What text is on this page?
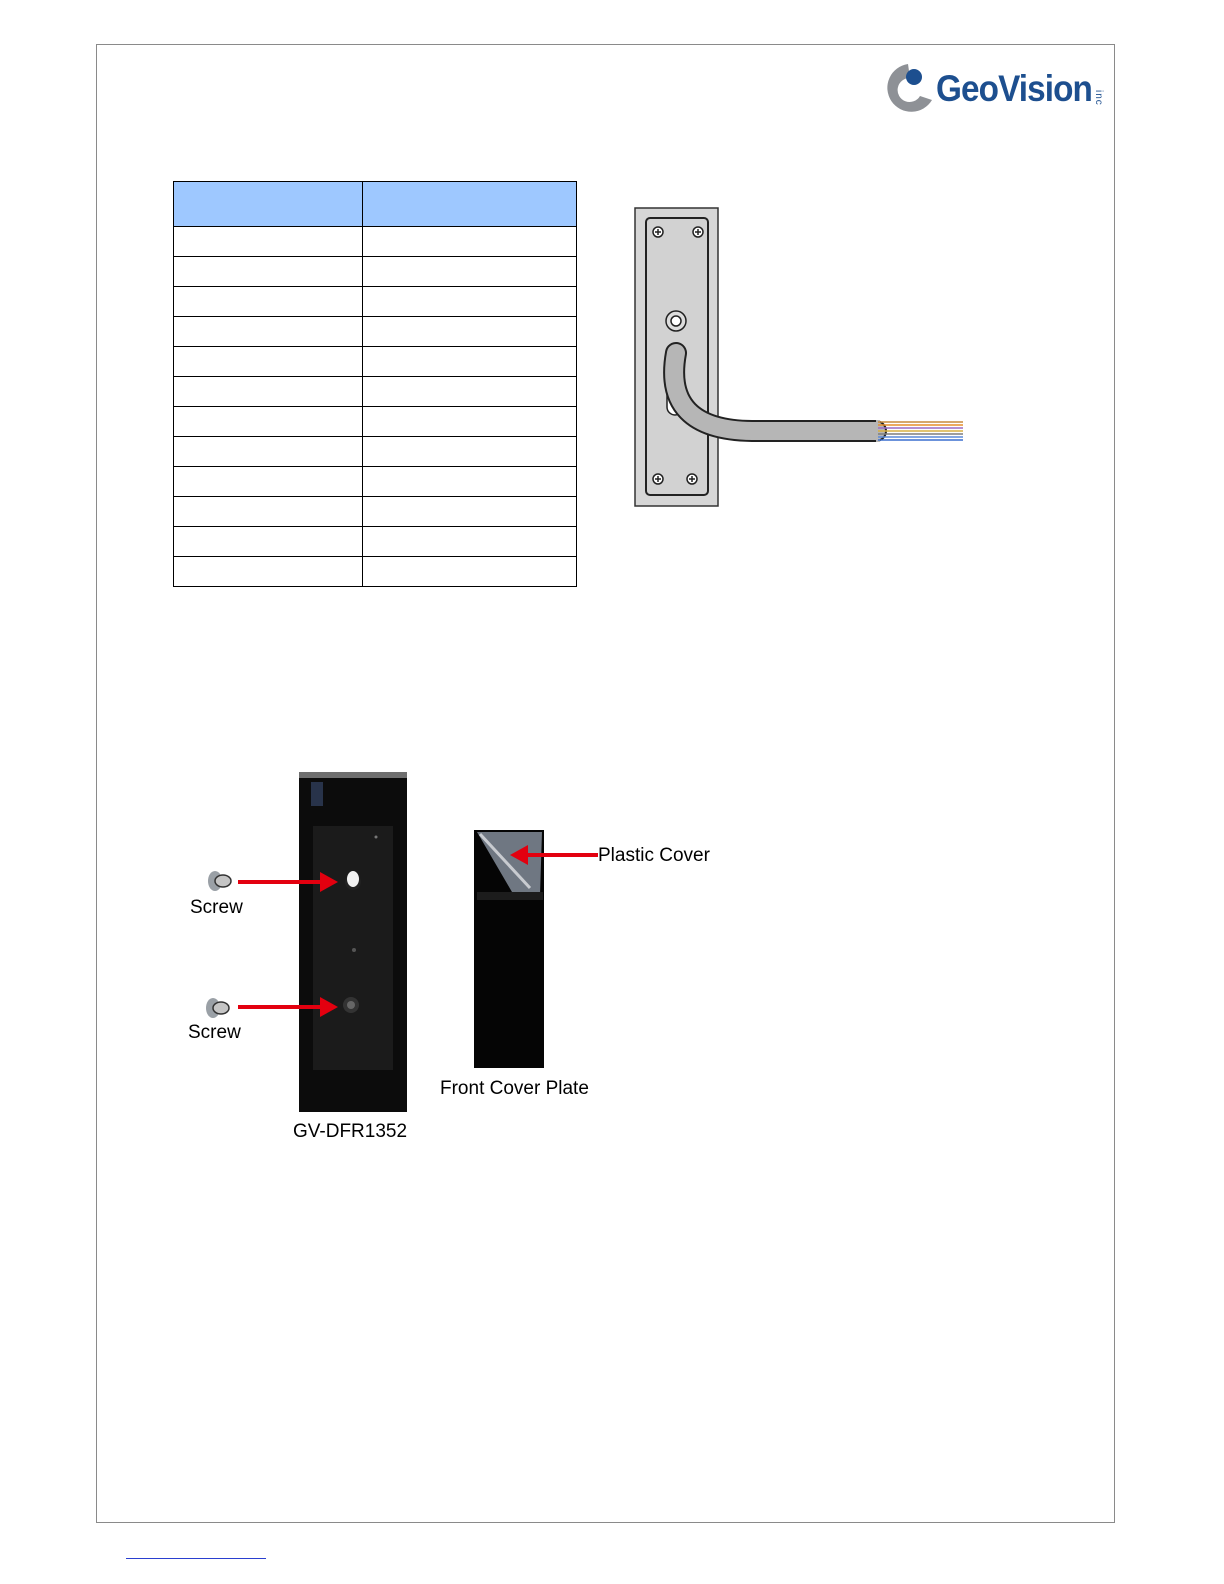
GeoVision inc

Screw
Screw
Plastic Cover
Front Cover Plate
GV-DFR1352
